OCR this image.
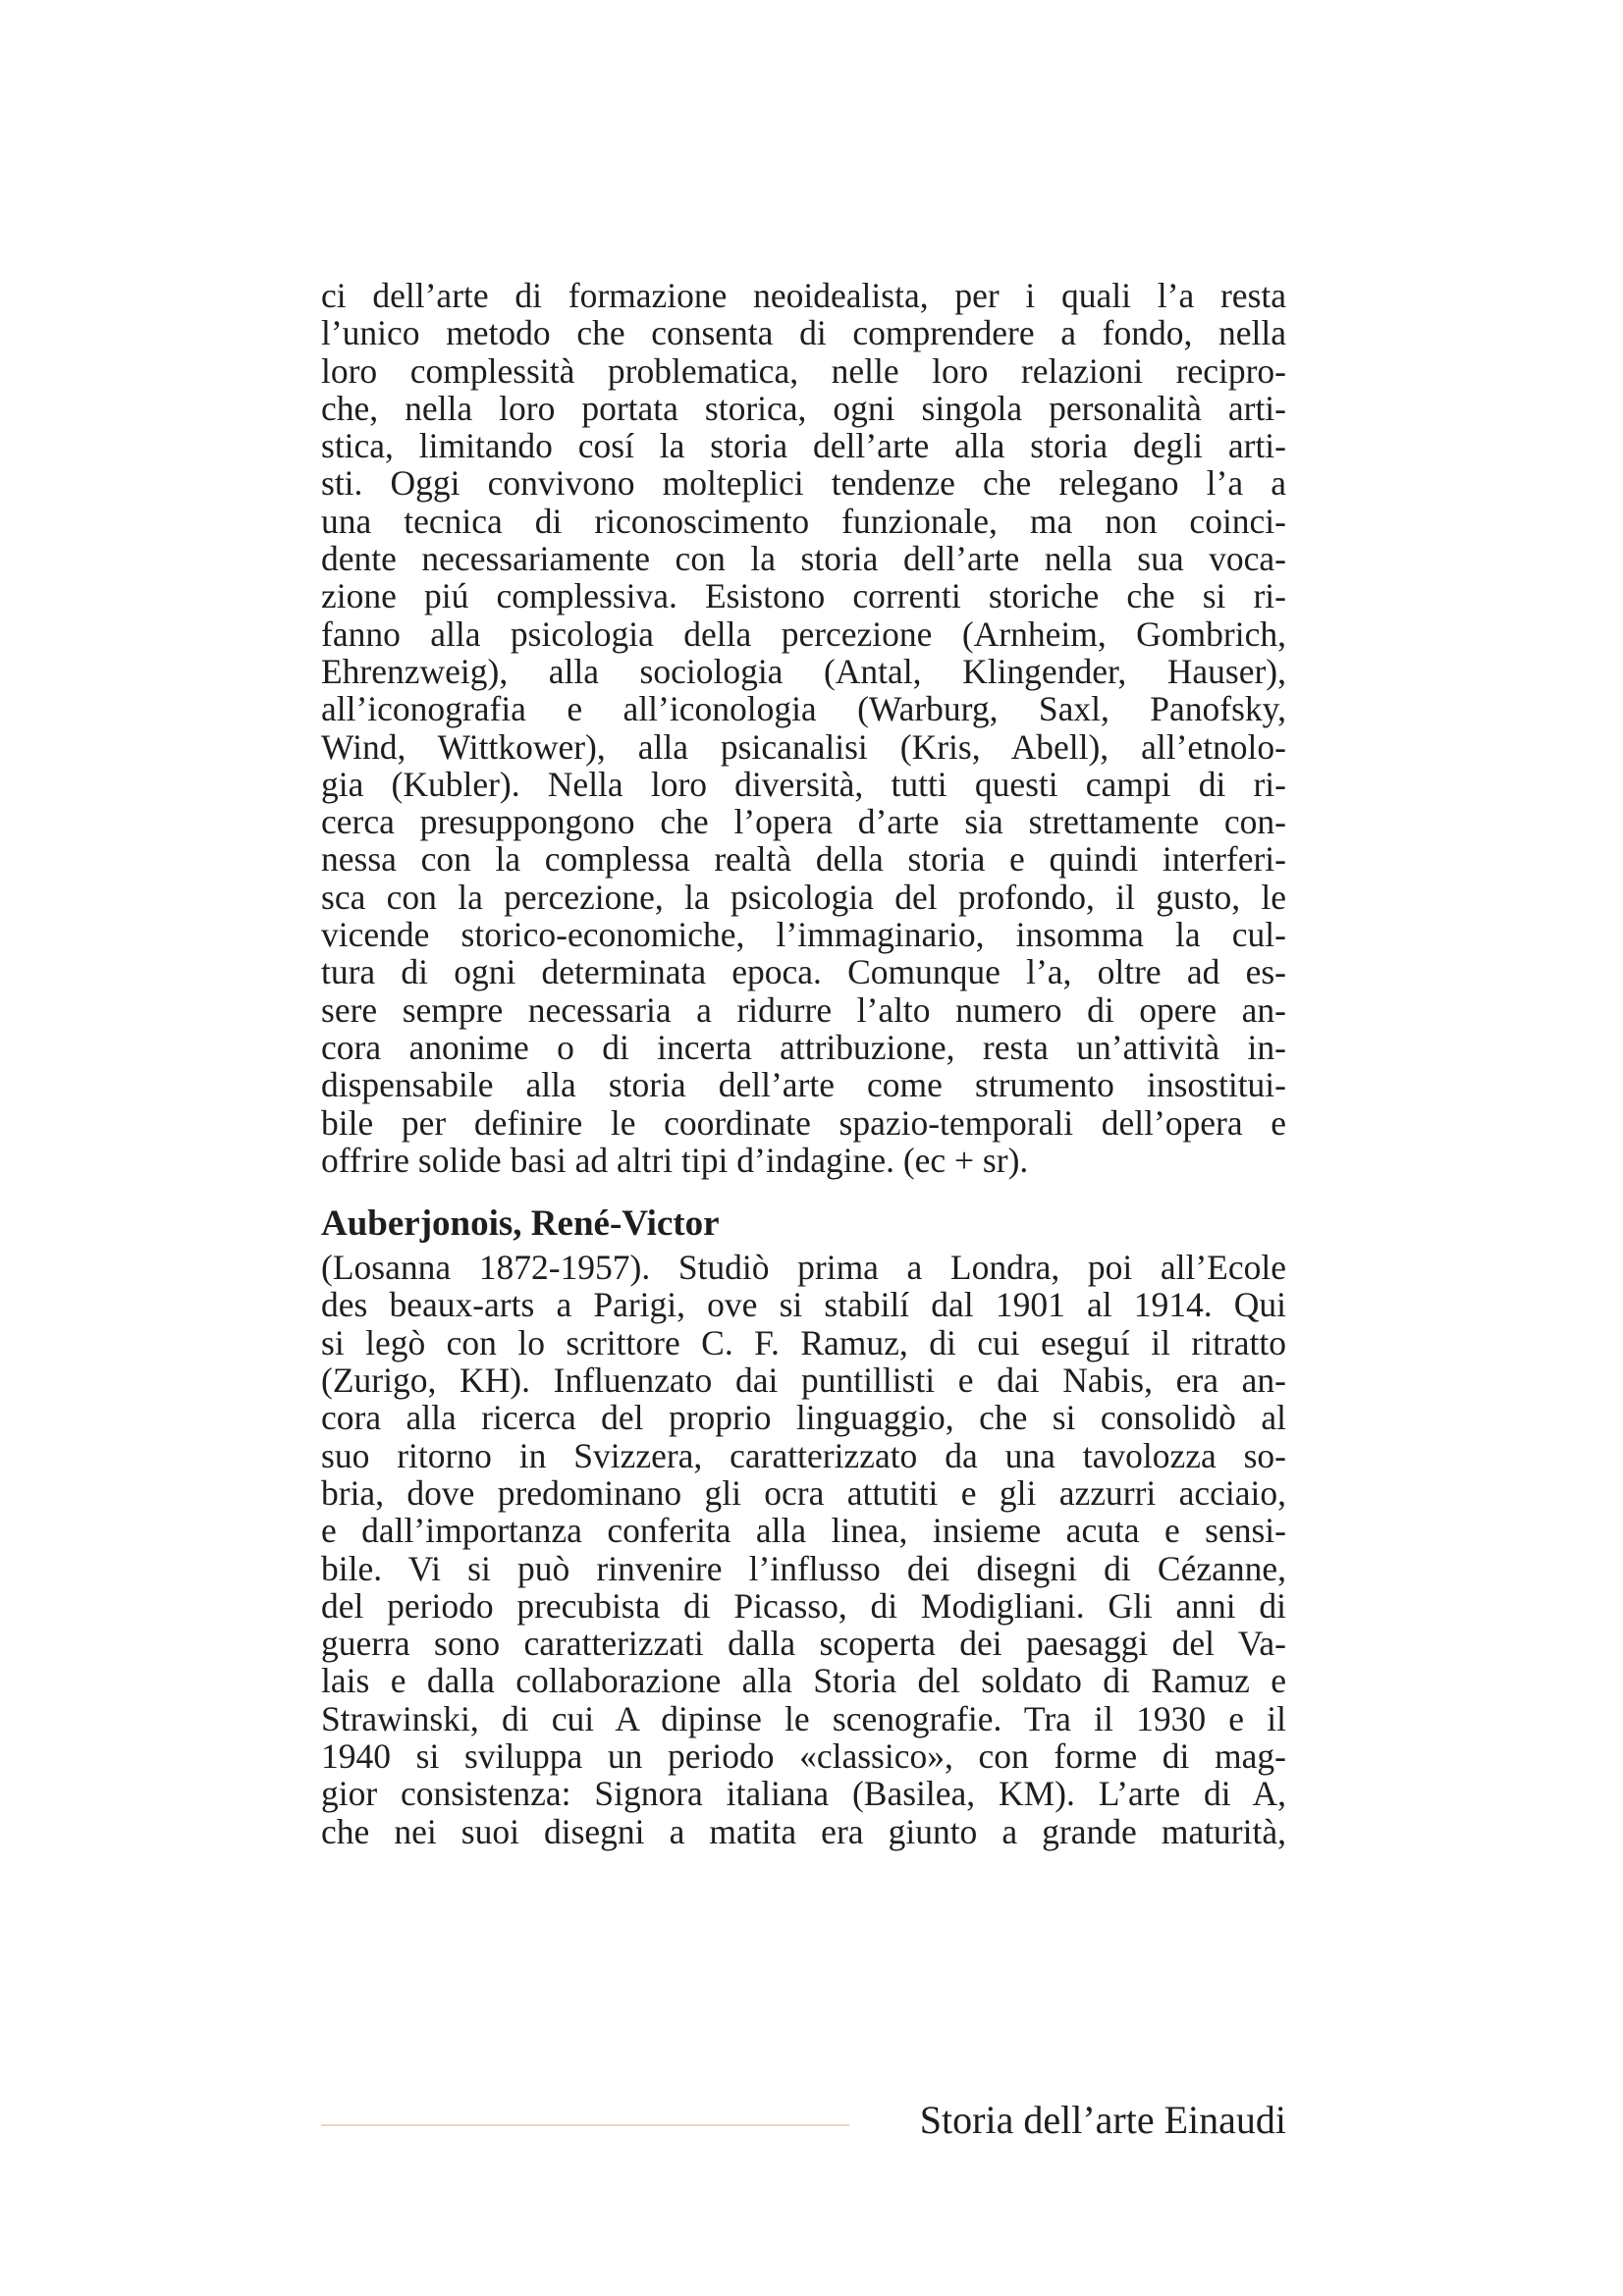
ci dell’arte di formazione neoidealista, per i quali l’a resta
l’unico metodo che consenta di comprendere a fondo, nella
loro complessità problematica, nelle loro relazioni recipro-
che, nella loro portata storica, ogni singola personalità arti-
stica, limitando cosí la storia dell’arte alla storia degli arti-
sti. Oggi convivono molteplici tendenze che relegano l’a a
una tecnica di riconoscimento funzionale, ma non coinci-
dente necessariamente con la storia dell’arte nella sua voca-
zione piú complessiva. Esistono correnti storiche che si ri-
fanno alla psicologia della percezione (Arnheim, Gombrich,
Ehrenzweig), alla sociologia (Antal, Klingender, Hauser),
all’iconografia e all’iconologia (Warburg, Saxl, Panofsky,
Wind, Wittkower), alla psicanalisi (Kris, Abell), all’etnolo-
gia (Kubler). Nella loro diversità, tutti questi campi di ri-
cerca presuppongono che l’opera d’arte sia strettamente con-
nessa con la complessa realtà della storia e quindi interferi-
sca con la percezione, la psicologia del profondo, il gusto, le
vicende storico-economiche, l’immaginario, insomma la cul-
tura di ogni determinata epoca. Comunque l’a, oltre ad es-
sere sempre necessaria a ridurre l’alto numero di opere an-
cora anonime o di incerta attribuzione, resta un’attività in-
dispensabile alla storia dell’arte come strumento insostitui-
bile per definire le coordinate spazio-temporali dell’opera e
offrire solide basi ad altri tipi d’indagine. (ec + sr).
Auberjonois, René-Victor
(Losanna 1872-1957). Studiò prima a Londra, poi all’Ecole
des beaux-arts a Parigi, ove si stabilí dal 1901 al 1914. Qui
si legò con lo scrittore C. F. Ramuz, di cui eseguí il ritratto
(Zurigo, KH). Influenzato dai puntillisti e dai Nabis, era an-
cora alla ricerca del proprio linguaggio, che si consolidò al
suo ritorno in Svizzera, caratterizzato da una tavolozza so-
bria, dove predominano gli ocra attutiti e gli azzurri acciaio,
e dall’importanza conferita alla linea, insieme acuta e sensi-
bile. Vi si può rinvenire l’influsso dei disegni di Cézanne,
del periodo precubista di Picasso, di Modigliani. Gli anni di
guerra sono caratterizzati dalla scoperta dei paesaggi del Va-
lais e dalla collaborazione alla Storia del soldato di Ramuz e
Strawinski, di cui A dipinse le scenografie. Tra il 1930 e il
1940 si sviluppa un periodo «classico», con forme di mag-
gior consistenza: Signora italiana (Basilea, KM). L’arte di A,
che nei suoi disegni a matita era giunto a grande maturità,
Storia dell’arte Einaudi
